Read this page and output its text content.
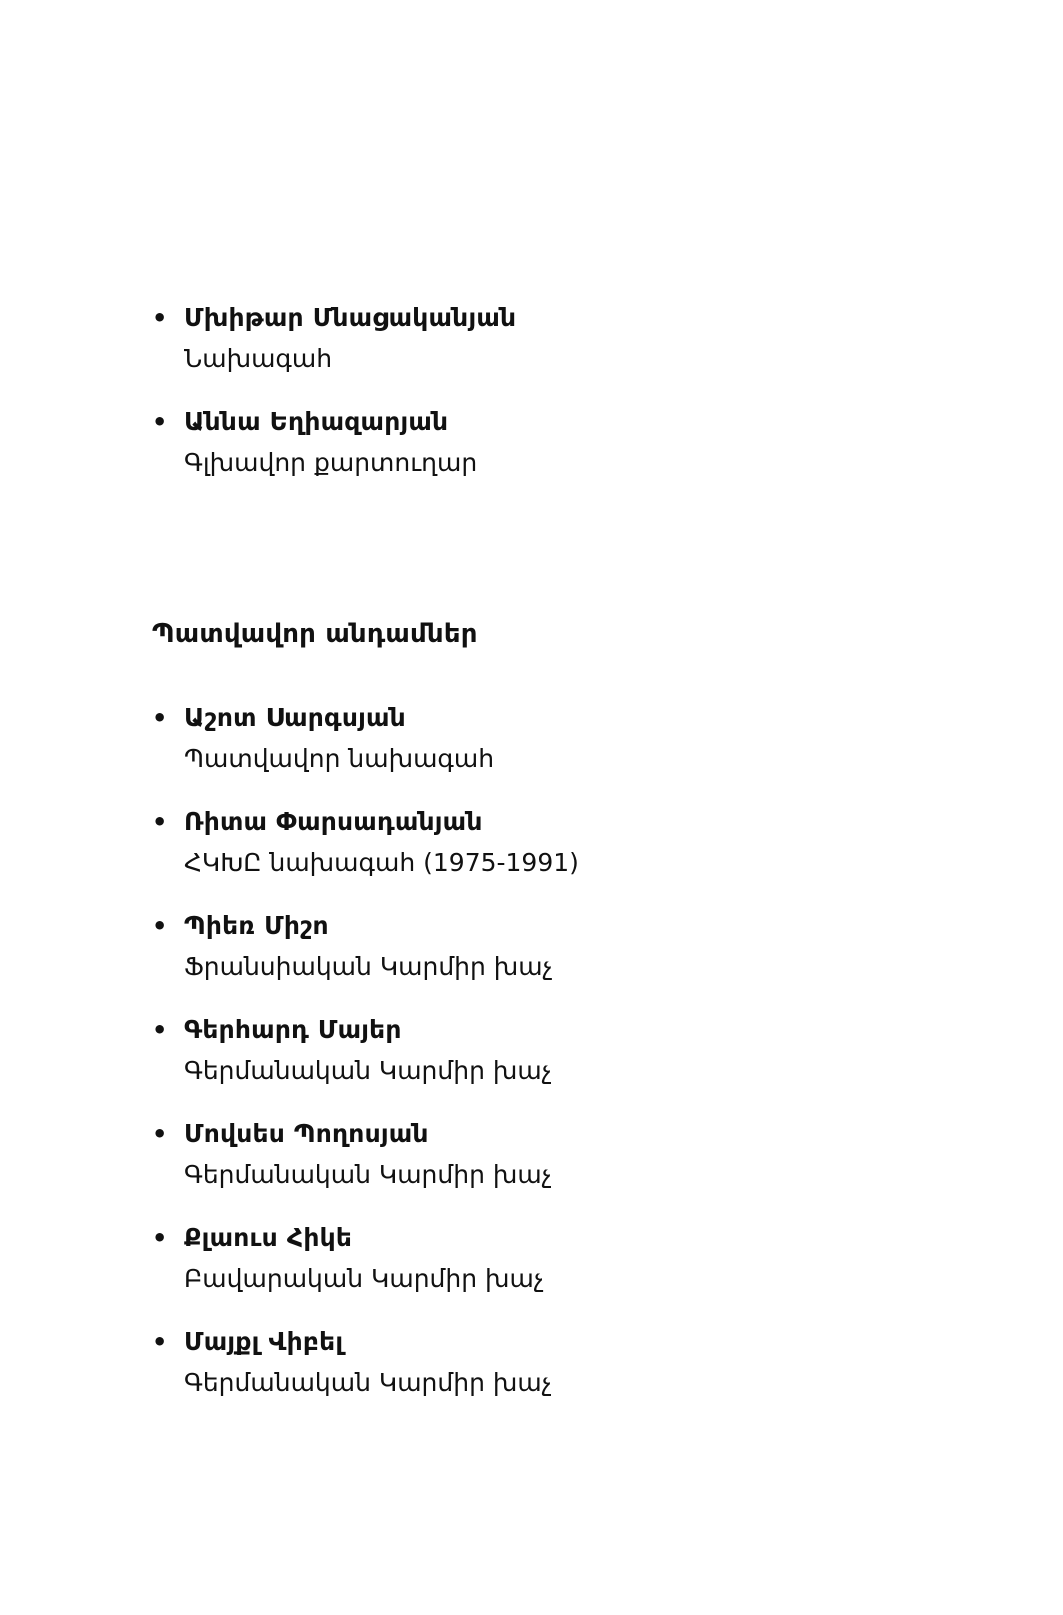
• Մխիթար Մնացականյան
Նախագահ
• Աննա Եղիազարյան
Գլխավոր քարտուղար
Պատվավոր անդամներ
• Աշոտ Սարգսյան
Պատվավոր նախագահ
• Ռիտա Փարսադանյան
ՀԿԽԸ նախագահ (1975-1991)
• Պիեռ Միշո
Ֆրանսիական Կարմիր խաչ
• Գերհարդ Մայեր
Գերմանական Կարմիր խաչ
• Մովսես Պողոսյան
Գերմանական Կարմիր խաչ
• Քլաուս Հիկե
Բավարական Կարմիր խաչ
• Մայքլ Վիբել
Գերմանական Կարմիր խաչ
